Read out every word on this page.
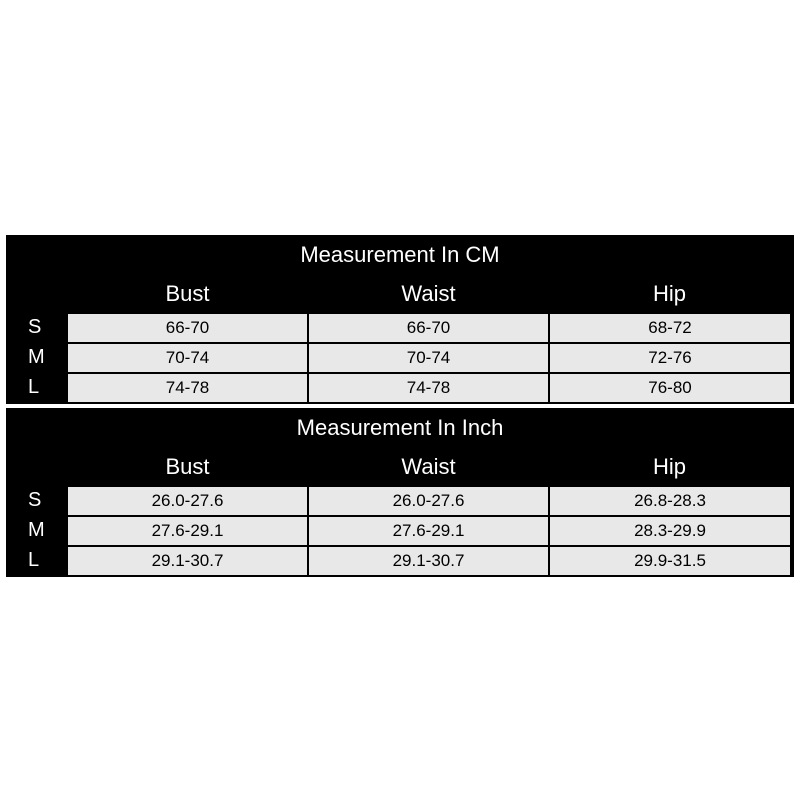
Measurement In CM
Bust	Waist	Hip
S	66-70	66-70	68-72
M	70-74	70-74	72-76
L	74-78	74-78	76-80
Measurement In Inch
Bust	Waist	Hip
S	26.0-27.6	26.0-27.6	26.8-28.3
M	27.6-29.1	27.6-29.1	28.3-29.9
L	29.1-30.7	29.1-30.7	29.9-31.5
